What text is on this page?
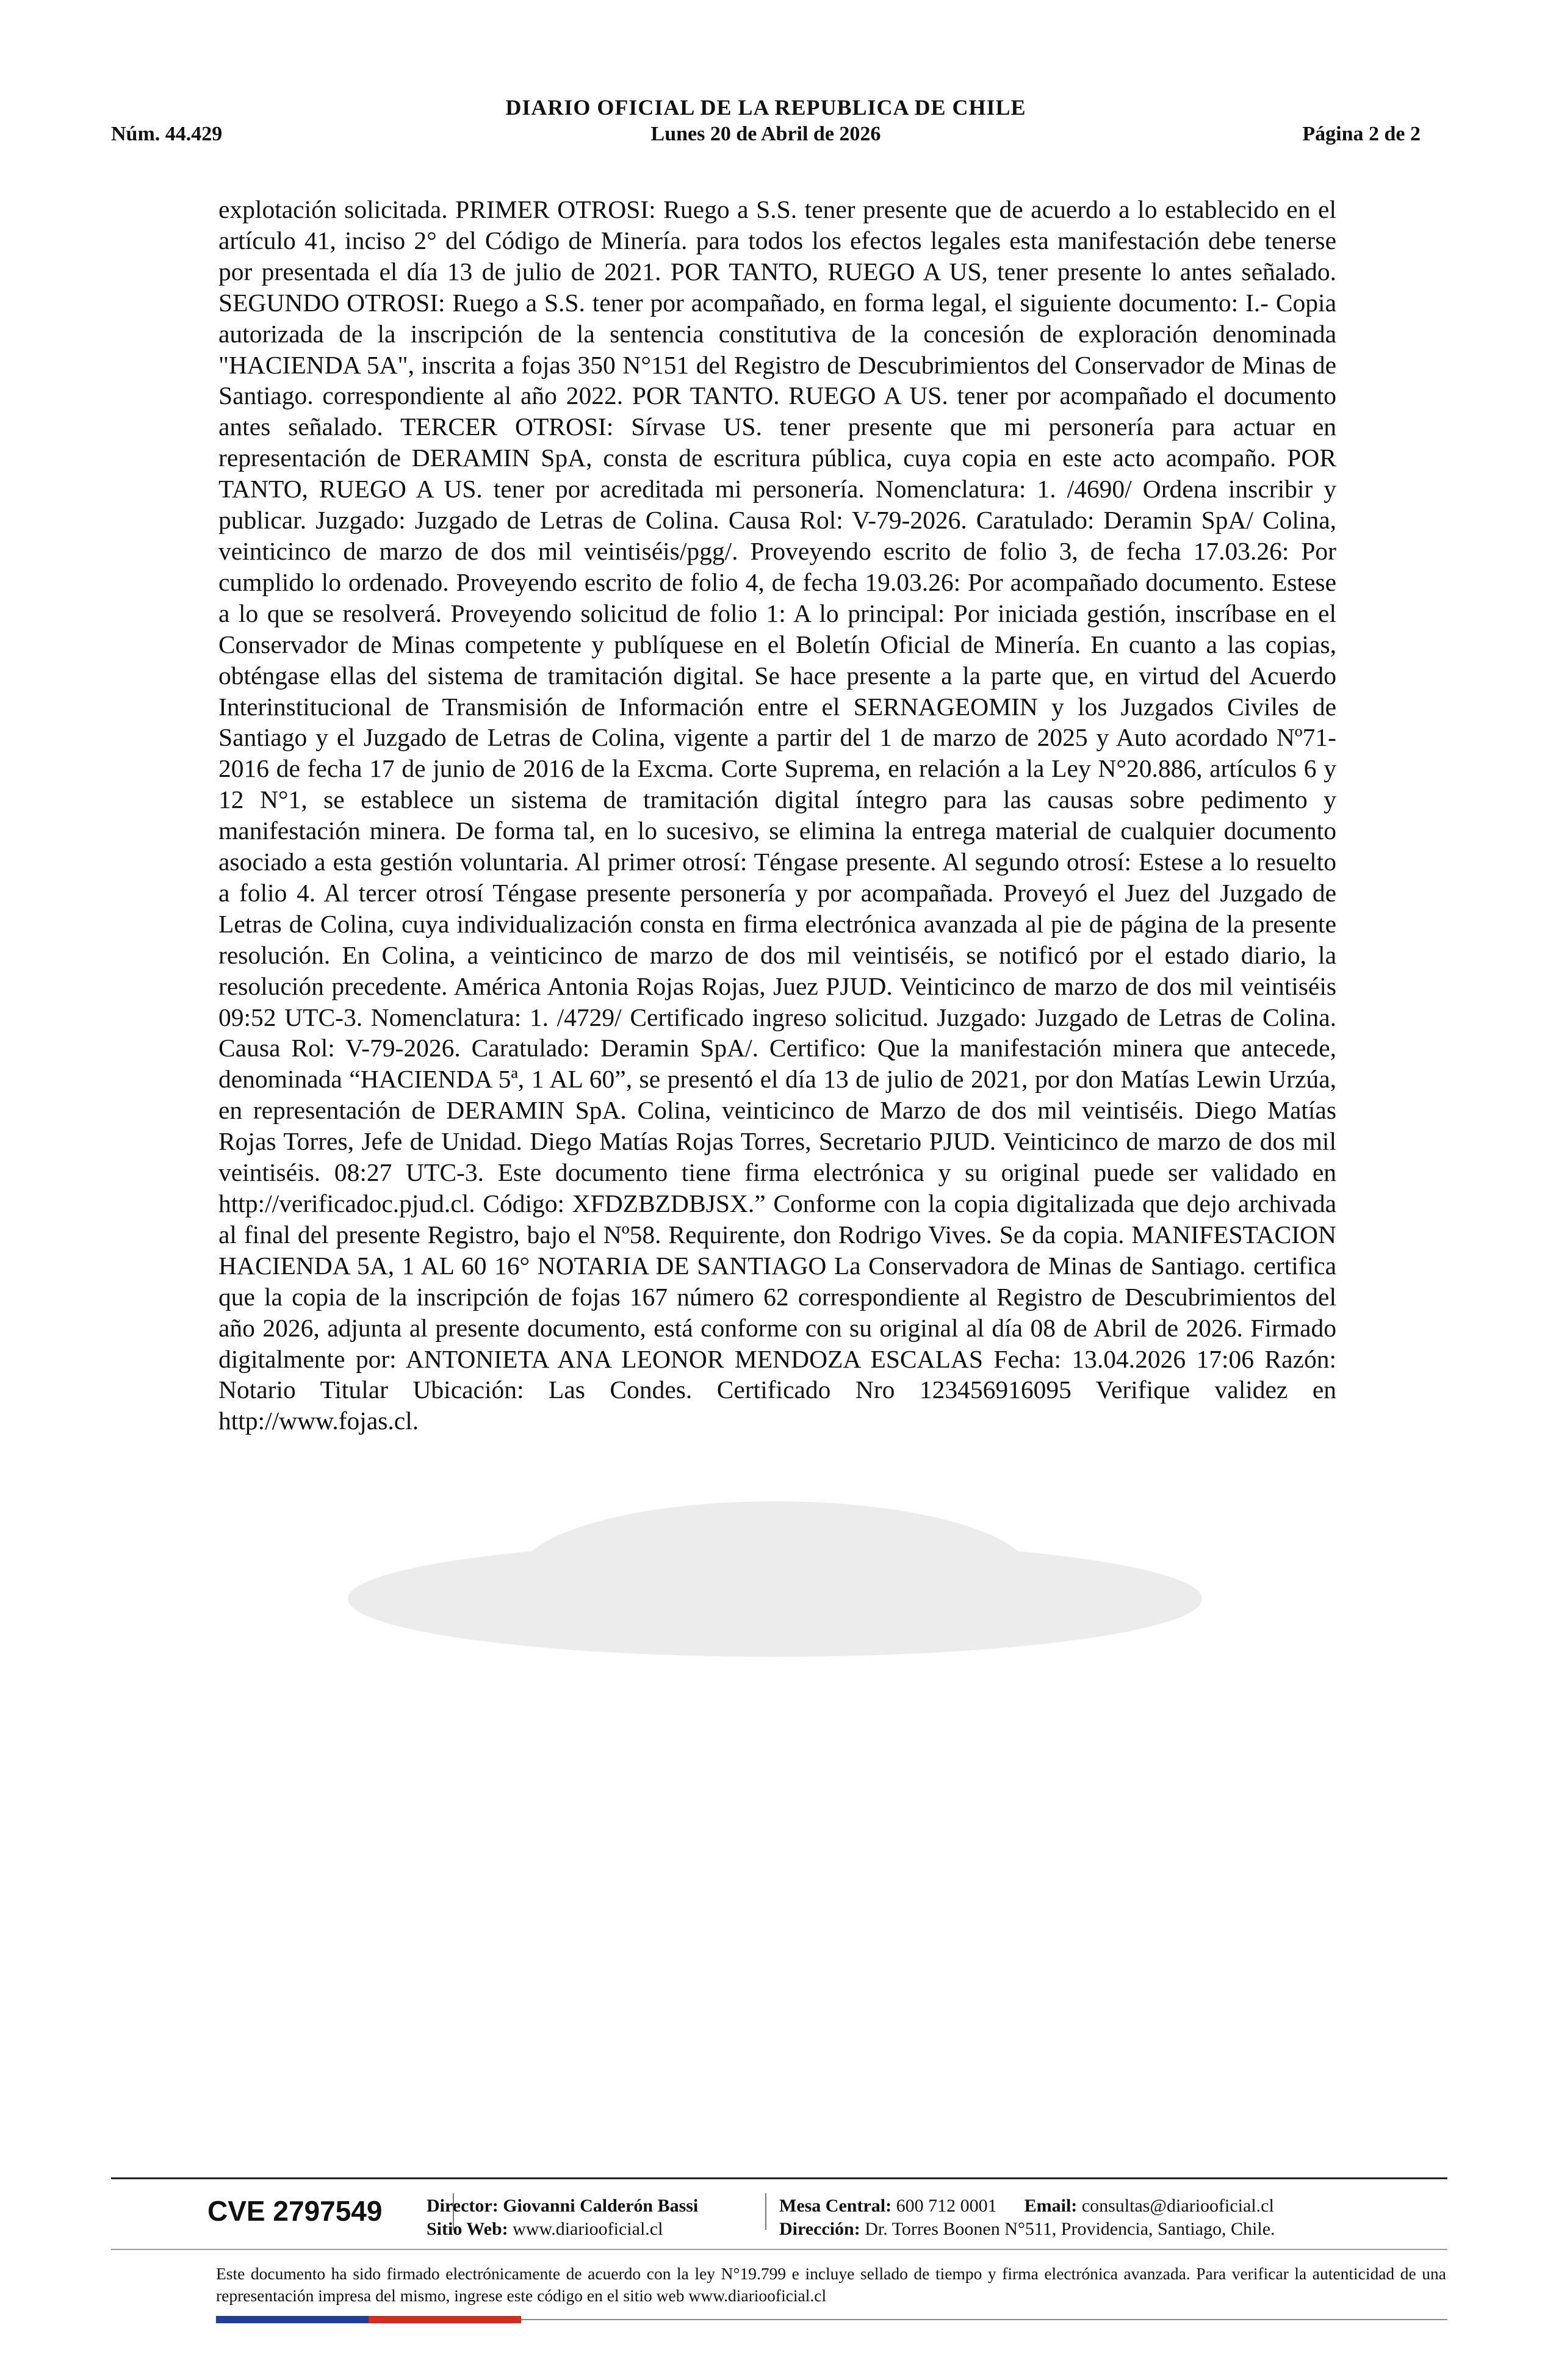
DIARIO OFICIAL DE LA REPUBLICA DE CHILE
Núm. 44.429	Lunes 20 de Abril de 2026	Página 2 de 2
explotación solicitada. PRIMER OTROSI: Ruego a S.S. tener presente que de acuerdo a lo establecido en el artículo 41, inciso 2° del Código de Minería. para todos los efectos legales esta manifestación debe tenerse por presentada el día 13 de julio de 2021. POR TANTO, RUEGO A US, tener presente lo antes señalado. SEGUNDO OTROSI: Ruego a S.S. tener por acompañado, en forma legal, el siguiente documento: I.- Copia autorizada de la inscripción de la sentencia constitutiva de la concesión de exploración denominada "HACIENDA 5A", inscrita a fojas 350 N°151 del Registro de Descubrimientos del Conservador de Minas de Santiago. correspondiente al año 2022. POR TANTO. RUEGO A US. tener por acompañado el documento antes señalado. TERCER OTROSI: Sírvase US. tener presente que mi personería para actuar en representación de DERAMIN SpA, consta de escritura pública, cuya copia en este acto acompaño. POR TANTO, RUEGO A US. tener por acreditada mi personería. Nomenclatura: 1. /4690/ Ordena inscribir y publicar. Juzgado: Juzgado de Letras de Colina. Causa Rol: V-79-2026. Caratulado: Deramin SpA/ Colina, veinticinco de marzo de dos mil veintiséis/pgg/. Proveyendo escrito de folio 3, de fecha 17.03.26: Por cumplido lo ordenado. Proveyendo escrito de folio 4, de fecha 19.03.26: Por acompañado documento. Estese a lo que se resolverá. Proveyendo solicitud de folio 1: A lo principal: Por iniciada gestión, inscríbase en el Conservador de Minas competente y publíquese en el Boletín Oficial de Minería. En cuanto a las copias, obténgase ellas del sistema de tramitación digital. Se hace presente a la parte que, en virtud del Acuerdo Interinstitucional de Transmisión de Información entre el SERNAGEOMIN y los Juzgados Civiles de Santiago y el Juzgado de Letras de Colina, vigente a partir del 1 de marzo de 2025 y Auto acordado Nº71-2016 de fecha 17 de junio de 2016 de la Excma. Corte Suprema, en relación a la Ley N°20.886, artículos 6 y 12 N°1, se establece un sistema de tramitación digital íntegro para las causas sobre pedimento y manifestación minera. De forma tal, en lo sucesivo, se elimina la entrega material de cualquier documento asociado a esta gestión voluntaria. Al primer otrosí: Téngase presente. Al segundo otrosí: Estese a lo resuelto a folio 4. Al tercer otrosí Téngase presente personería y por acompañada. Proveyó el Juez del Juzgado de Letras de Colina, cuya individualización consta en firma electrónica avanzada al pie de página de la presente resolución. En Colina, a veinticinco de marzo de dos mil veintiséis, se notificó por el estado diario, la resolución precedente. América Antonia Rojas Rojas, Juez PJUD. Veinticinco de marzo de dos mil veintiséis 09:52 UTC-3. Nomenclatura: 1. /4729/ Certificado ingreso solicitud. Juzgado: Juzgado de Letras de Colina. Causa Rol: V-79-2026. Caratulado: Deramin SpA/. Certifico: Que la manifestación minera que antecede, denominada “HACIENDA 5ª, 1 AL 60”, se presentó el día 13 de julio de 2021, por don Matías Lewin Urzúa, en representación de DERAMIN SpA. Colina, veinticinco de Marzo de dos mil veintiséis. Diego Matías Rojas Torres, Jefe de Unidad. Diego Matías Rojas Torres, Secretario PJUD. Veinticinco de marzo de dos mil veintiséis. 08:27 UTC-3. Este documento tiene firma electrónica y su original puede ser validado en http://verificadoc.pjud.cl. Código: XFDZBZDBJSX.” Conforme con la copia digitalizada que dejo archivada al final del presente Registro, bajo el Nº58. Requirente, don Rodrigo Vives. Se da copia. MANIFESTACION HACIENDA 5A, 1 AL 60 16° NOTARIA DE SANTIAGO La Conservadora de Minas de Santiago. certifica que la copia de la inscripción de fojas 167 número 62 correspondiente al Registro de Descubrimientos del año 2026, adjunta al presente documento, está conforme con su original al día 08 de Abril de 2026. Firmado digitalmente por: ANTONIETA ANA LEONOR MENDOZA ESCALAS Fecha: 13.04.2026 17:06 Razón: Notario Titular Ubicación: Las Condes. Certificado Nro 123456916095 Verifique validez en http://www.fojas.cl.
CVE 2797549 Director: Giovanni Calderón Bassi
Sitio Web: www.diariooficial.cl
Mesa Central: 600 712 0001 Email: consultas@diariooficial.cl
Dirección: Dr. Torres Boonen N°511, Providencia, Santiago, Chile.
Este documento ha sido firmado electrónicamente de acuerdo con la ley N°19.799 e incluye sellado de tiempo y firma electrónica avanzada. Para verificar la autenticidad de una representación impresa del mismo, ingrese este código en el sitio web www.diariooficial.cl
